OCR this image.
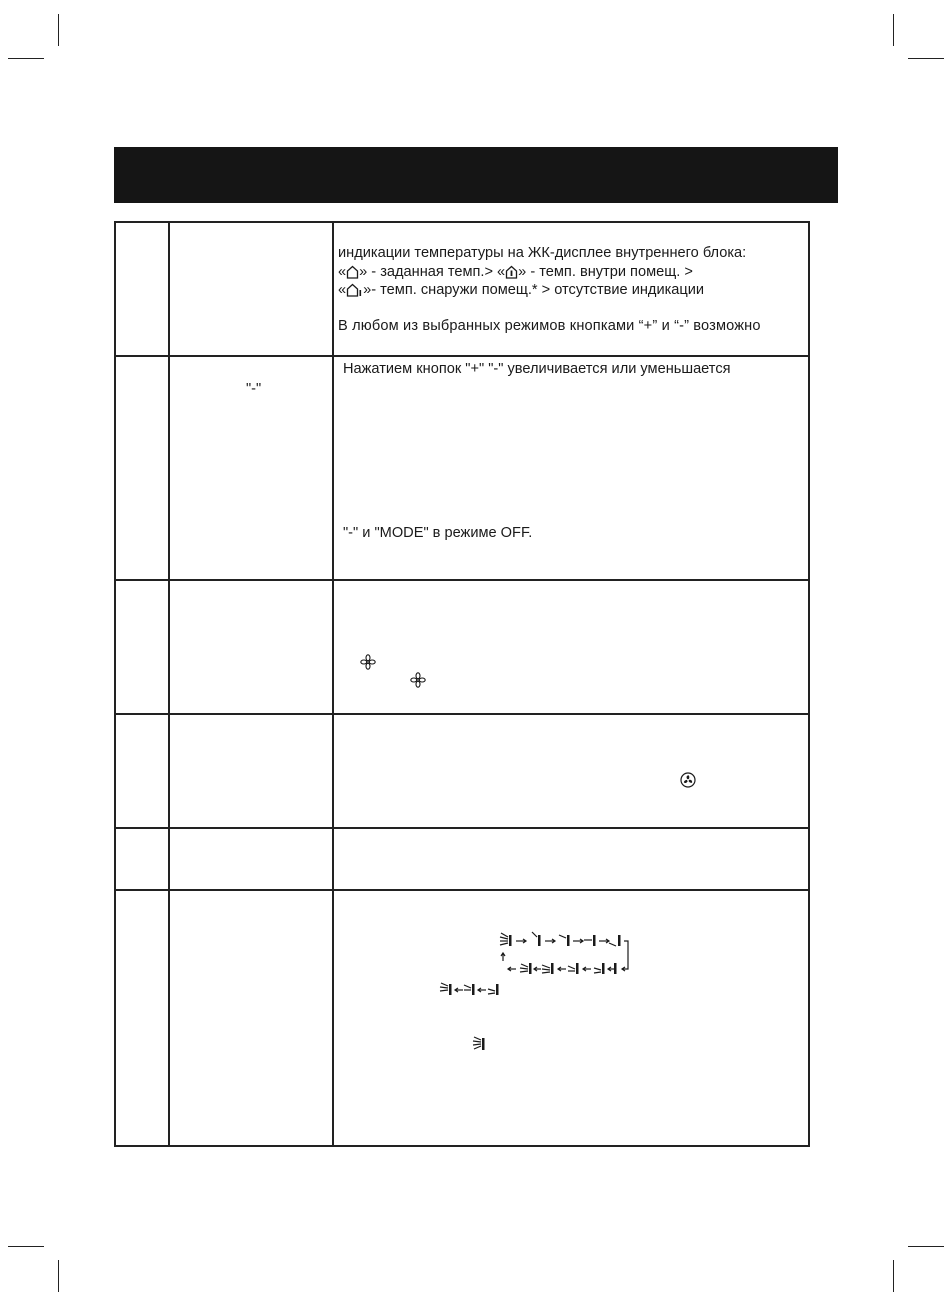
индикации температуры на ЖК-дисплее внутреннего блока:
« » - заданная темп.> « » - темп. внутри помещ. >
« »- темп. снаружи помещ.* > отсутствие индикации
В любом из выбранных режимов кнопками “+” и “-” возможно
"-"
Нажатием кнопок "+" "-" увеличивается или уменьшается
"-" и "MODE" в режиме OFF.
